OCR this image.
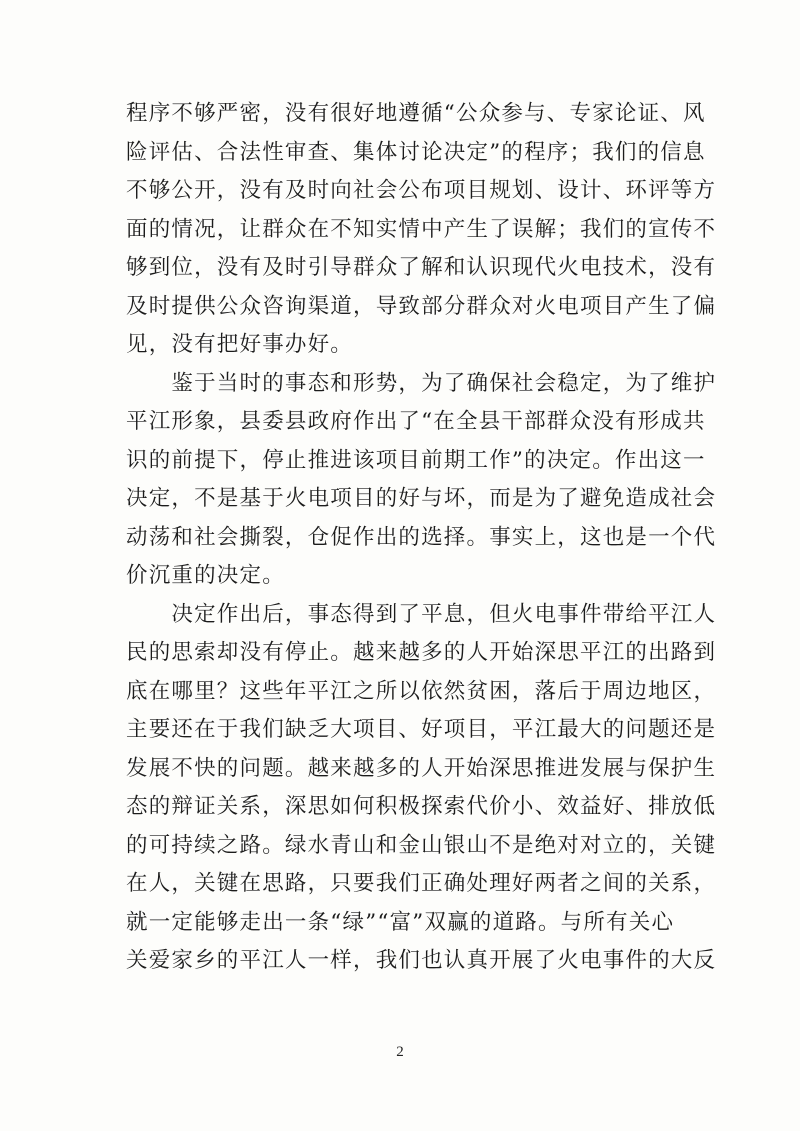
程序不够严密，没有很好地遵循“公众参与、专家论证、风
险评估、合法性审查、集体讨论决定”的程序；我们的信息
不够公开，没有及时向社会公布项目规划、设计、环评等方
面的情况，让群众在不知实情中产生了误解；我们的宣传不
够到位，没有及时引导群众了解和认识现代火电技术，没有
及时提供公众咨询渠道，导致部分群众对火电项目产生了偏
见，没有把好事办好。
　　鉴于当时的事态和形势，为了确保社会稳定，为了维护
平江形象，县委县政府作出了“在全县干部群众没有形成共
识的前提下，停止推进该项目前期工作”的决定。作出这一
决定，不是基于火电项目的好与坏，而是为了避免造成社会
动荡和社会撕裂，仓促作出的选择。事实上，这也是一个代
价沉重的决定。
　　决定作出后，事态得到了平息，但火电事件带给平江人
民的思索却没有停止。越来越多的人开始深思平江的出路到
底在哪里？这些年平江之所以依然贫困，落后于周边地区，
主要还在于我们缺乏大项目、好项目，平江最大的问题还是
发展不快的问题。越来越多的人开始深思推进发展与保护生
态的辩证关系，深思如何积极探索代价小、效益好、排放低
的可持续之路。绿水青山和金山银山不是绝对对立的，关键
在人，关键在思路，只要我们正确处理好两者之间的关系，
就一定能够走出一条“绿”“富”双赢的道路。与所有关心
关爱家乡的平江人一样，我们也认真开展了火电事件的大反
2
